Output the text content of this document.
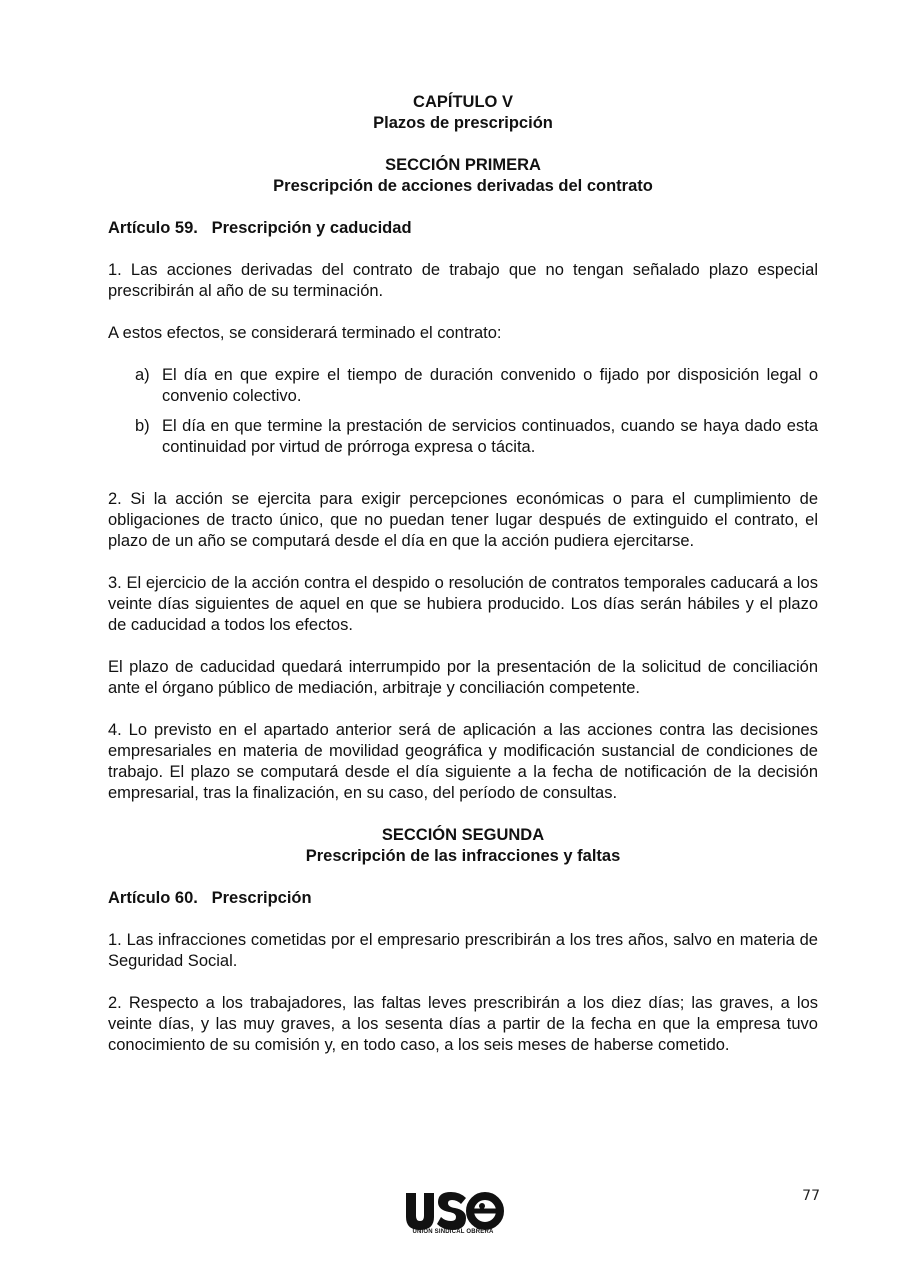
CAPÍTULO V
Plazos de prescripción
SECCIÓN PRIMERA
Prescripción de acciones derivadas del contrato
Artículo 59.   Prescripción y caducidad

1. Las acciones derivadas del contrato de trabajo que no tengan señalado plazo especial prescribirán al año de su terminación.

A estos efectos, se considerará terminado el contrato:

a) El día en que expire el tiempo de duración convenido o fijado por disposición legal o convenio colectivo.
b) El día en que termine la prestación de servicios continuados, cuando se haya dado esta continuidad por virtud de prórroga expresa o tácita.

2. Si la acción se ejercita para exigir percepciones económicas o para el cumplimiento de obligaciones de tracto único, que no puedan tener lugar después de extinguido el contrato, el plazo de un año se computará desde el día en que la acción pudiera ejercitarse.

3. El ejercicio de la acción contra el despido o resolución de contratos temporales caducará a los veinte días siguientes de aquel en que se hubiera producido. Los días serán hábiles y el plazo de caducidad a todos los efectos.

El plazo de caducidad quedará interrumpido por la presentación de la solicitud de conciliación ante el órgano público de mediación, arbitraje y conciliación competente.

4. Lo previsto en el apartado anterior será de aplicación a las acciones contra las decisiones empresariales en materia de movilidad geográfica y modificación sustancial de condiciones de trabajo. El plazo se computará desde el día siguiente a la fecha de notificación de la decisión empresarial, tras la finalización, en su caso, del período de consultas.

SECCIÓN SEGUNDA
Prescripción de las infracciones y faltas
Artículo 60.   Prescripción

1. Las infracciones cometidas por el empresario prescribirán a los tres años, salvo en materia de Seguridad Social.

2. Respecto a los trabajadores, las faltas leves prescribirán a los diez días; las graves, a los veinte días, y las muy graves, a los sesenta días a partir de la fecha en que la empresa tuvo conocimiento de su comisión y, en todo caso, a los seis meses de haberse cometido.

77
UNIÓN SINDICAL OBRERA
